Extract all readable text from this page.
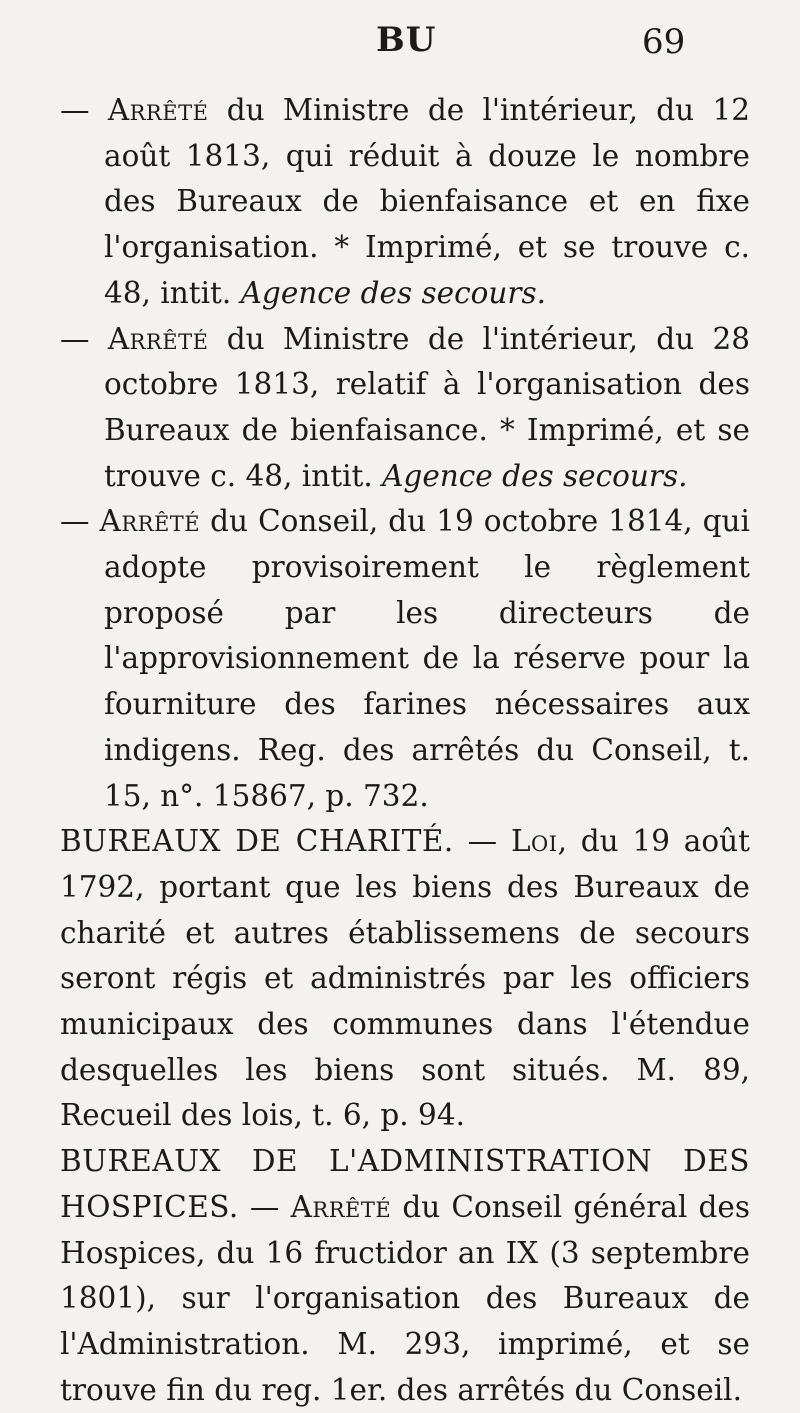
BU	69

— Arrêté du Ministre de l'intérieur, du 12 août 1813, qui réduit à douze le nombre des Bureaux de bienfaisance et en fixe l'organisation. * Imprimé, et se trouve c. 48, intit. Agence des secours.

— Arrêté du Ministre de l'intérieur, du 28 octobre 1813, relatif à l'organisation des Bureaux de bienfaisance. * Imprimé, et se trouve c. 48, intit. Agence des secours.

— Arrêté du Conseil, du 19 octobre 1814, qui adopte provisoirement le règlement proposé par les directeurs de l'approvisionnement de la réserve pour la fourniture des farines nécessaires aux indigens. Reg. des arrêtés du Conseil, t. 15, n°. 15867, p. 732.

BUREAUX DE CHARITÉ. — Loi, du 19 août 1792, portant que les biens des Bureaux de charité et autres établissemens de secours seront régis et administrés par les officiers municipaux des communes dans l'étendue desquelles les biens sont situés. M. 89, Recueil des lois, t. 6, p. 94.

BUREAUX DE L'ADMINISTRATION DES HOSPICES. — Arrêté du Conseil général des Hospices, du 16 fructidor an IX (3 septembre 1801), sur l'organisation des Bureaux de l'Administration. M. 293, imprimé, et se trouve fin du reg. 1er. des arrêtés du Conseil.
